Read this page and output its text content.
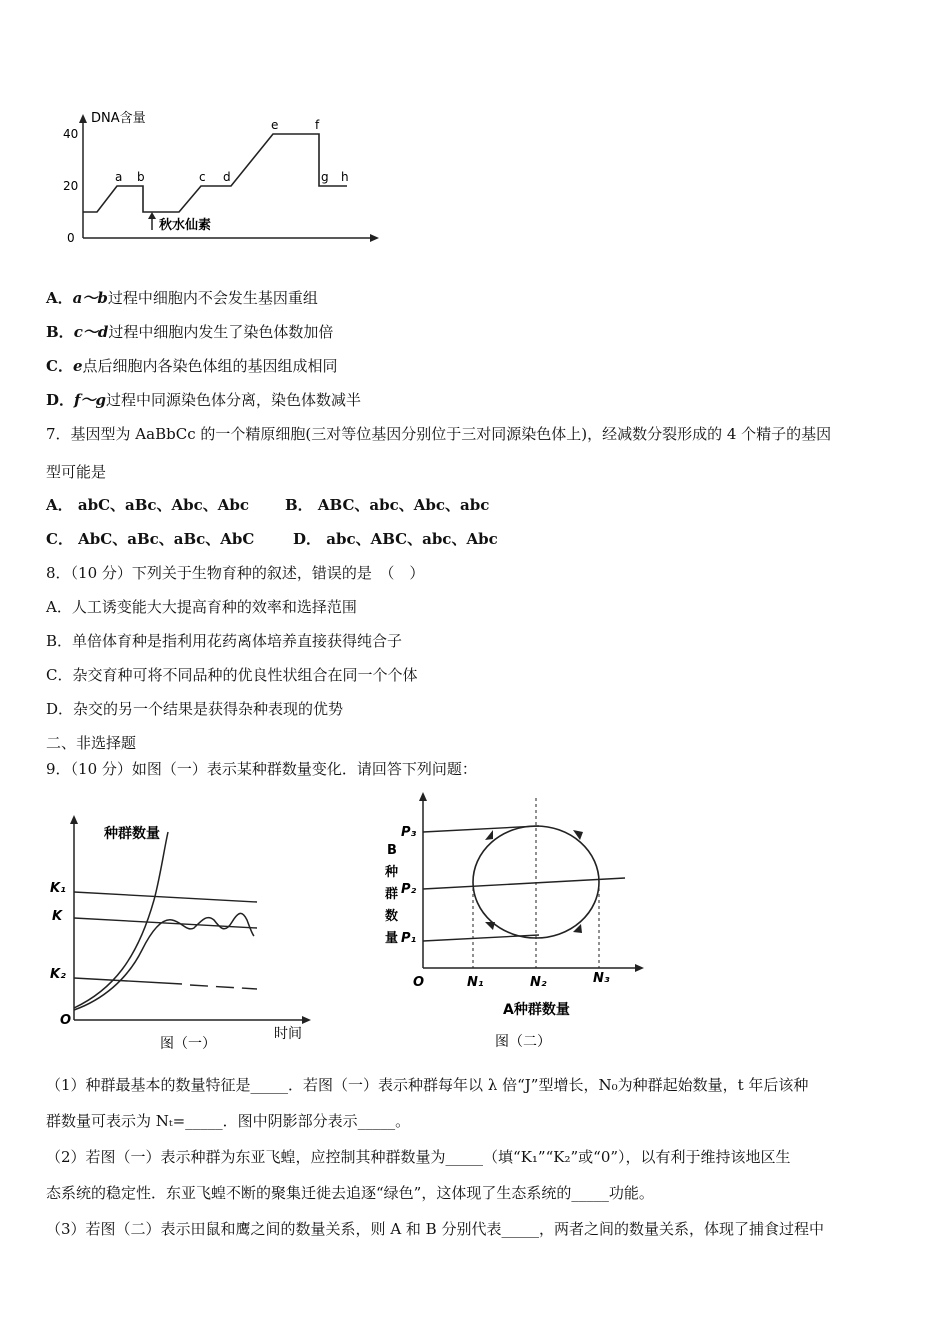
DNA含量
40
20
0
a b	c d
e	f
g h
秋水仙素
A．a～b过程中细胞内不会发生基因重组
B．c～d过程中细胞内发生了染色体数加倍
C．e点后细胞内各染色体组的基因组成相同
D．f～g过程中同源染色体分离，染色体数减半
7．基因型为 AaBbCc 的一个精原细胞(三对等位基因分别位于三对同源染色体上)，经减数分裂形成的 4 个精子的基因
型可能是
A． abC、aBc、Abc、Abc B． ABC、abc、Abc、abc
C． AbC、aBc、aBc、AbC	D． abc、ABC、abc、Abc
8．（10 分）下列关于生物育种的叙述，错误的是　（　）
A．人工诱变能大大提高育种的效率和选择范围
B．单倍体育种是指利用花药离体培养直接获得纯合子
C．杂交育种可将不同品种的优良性状组合在同一个个体
D．杂交的另一个结果是获得杂种表现的优势
二、非选择题
9．（10 分）如图（一）表示某种群数量变化．请回答下列问题：
种群数量
K₁
K
K₂
O
时间
图（一）
B
种
群
数
量
P₃
P₂
P₁
O	N₁	N₂	N₃
A种群数量
图（二）
（1）种群最基本的数量特征是_____．若图（一）表示种群每年以 λ 倍“J”型增长，N₀为种群起始数量，t 年后该种
群数量可表示为 Nₜ=_____．图中阴影部分表示_____。
（2）若图（一）表示种群为东亚飞蝗，应控制其种群数量为_____（填“K₁”“K₂”或“0”），以有利于维持该地区生
态系统的稳定性．东亚飞蝗不断的聚集迁徙去追逐“绿色”，这体现了生态系统的_____功能。
（3）若图（二）表示田鼠和鹰之间的数量关系，则 A 和 B 分别代表_____，两者之间的数量关系，体现了捕食过程中
